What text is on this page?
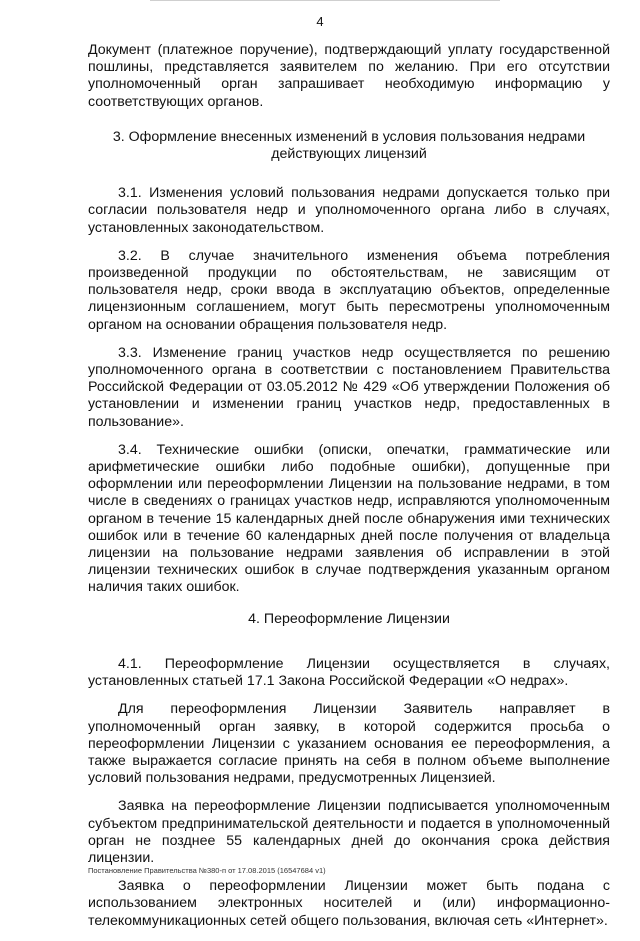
4

Документ (платежное поручение), подтверждающий уплату государственной пошлины, представляется заявителем по желанию. При его отсутствии уполномоченный орган запрашивает необходимую информацию у соответствующих органов.

3. Оформление внесенных изменений в условия пользования недрами действующих лицензий

3.1. Изменения условий пользования недрами допускается только при согласии пользователя недр и уполномоченного органа либо в случаях, установленных законодательством.

3.2. В случае значительного изменения объема потребления произведенной продукции по обстоятельствам, не зависящим от пользователя недр, сроки ввода в эксплуатацию объектов, определенные лицензионным соглашением, могут быть пересмотрены уполномоченным органом на основании обращения пользователя недр.

3.3. Изменение границ участков недр осуществляется по решению уполномоченного органа в соответствии с постановлением Правительства Российской Федерации от 03.05.2012 № 429 «Об утверждении Положения об установлении и изменении границ участков недр, предоставленных в пользование».

3.4. Технические ошибки (описки, опечатки, грамматические или арифметические ошибки либо подобные ошибки), допущенные при оформлении или переоформлении Лицензии на пользование недрами, в том числе в сведениях о границах участков недр, исправляются уполномоченным органом в течение 15 календарных дней после обнаружения ими технических ошибок или в течение 60 календарных дней после получения от владельца лицензии на пользование недрами заявления об исправлении в этой лицензии технических ошибок в случае подтверждения указанным органом наличия таких ошибок.

4. Переоформление Лицензии

4.1. Переоформление Лицензии осуществляется в случаях, установленных статьей 17.1 Закона Российской Федерации «О недрах».

Для переоформления Лицензии Заявитель направляет в уполномоченный орган заявку, в которой содержится просьба о переоформлении Лицензии с указанием основания ее переоформления, а также выражается согласие принять на себя в полном объеме выполнение условий пользования недрами, предусмотренных Лицензией.

Заявка на переоформление Лицензии подписывается уполномоченным субъектом предпринимательской деятельности и подается в уполномоченный орган не позднее 55 календарных дней до окончания срока действия лицензии.

Заявка о переоформлении Лицензии может быть подана с использованием электронных носителей и (или) информационно-телекоммуникационных сетей общего пользования, включая сеть «Интернет».

Постановление Правительства №380-п от 17.08.2015 (16547684 v1)
